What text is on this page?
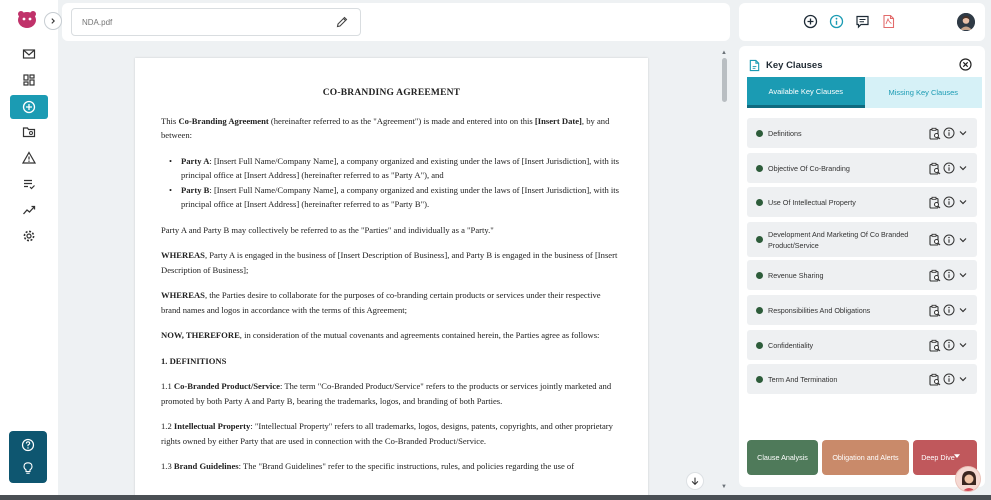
NDA.pdf
CO-BRANDING AGREEMENT

This Co-Branding Agreement (hereinafter referred to as the "Agreement") is made and entered into on this [Insert Date], by and between:

• Party A: [Insert Full Name/Company Name], a company organized and existing under the laws of [Insert Jurisdiction], with its principal office at [Insert Address] (hereinafter referred to as "Party A"), and
• Party B: [Insert Full Name/Company Name], a company organized and existing under the laws of [Insert Jurisdiction], with its principal office at [Insert Address] (hereinafter referred to as "Party B").

Party A and Party B may collectively be referred to as the "Parties" and individually as a "Party."

WHEREAS, Party A is engaged in the business of [Insert Description of Business], and Party B is engaged in the business of [Insert Description of Business];

WHEREAS, the Parties desire to collaborate for the purposes of co-branding certain products or services under their respective brand names and logos in accordance with the terms of this Agreement;

NOW, THEREFORE, in consideration of the mutual covenants and agreements contained herein, the Parties agree as follows:

1. DEFINITIONS

1.1 Co-Branded Product/Service: The term "Co-Branded Product/Service" refers to the products or services jointly marketed and promoted by both Party A and Party B, bearing the trademarks, logos, and branding of both Parties.

1.2 Intellectual Property: "Intellectual Property" refers to all trademarks, logos, designs, patents, copyrights, and other proprietary rights owned by either Party that are used in connection with the Co-Branded Product/Service.

1.3 Brand Guidelines: The "Brand Guidelines" refer to the specific instructions, rules, and policies regarding the use of

▲
▼
Key Clauses
Available Key Clauses	Missing Key Clauses
Definitions
Objective Of Co-Branding
Use Of Intellectual Property
Development And Marketing Of Co Branded Product/Service
Revenue Sharing
Responsibilities And Obligations
Confidentiality
Term And Termination
Clause Analysis	Obligation and Alerts	Deep Dive
